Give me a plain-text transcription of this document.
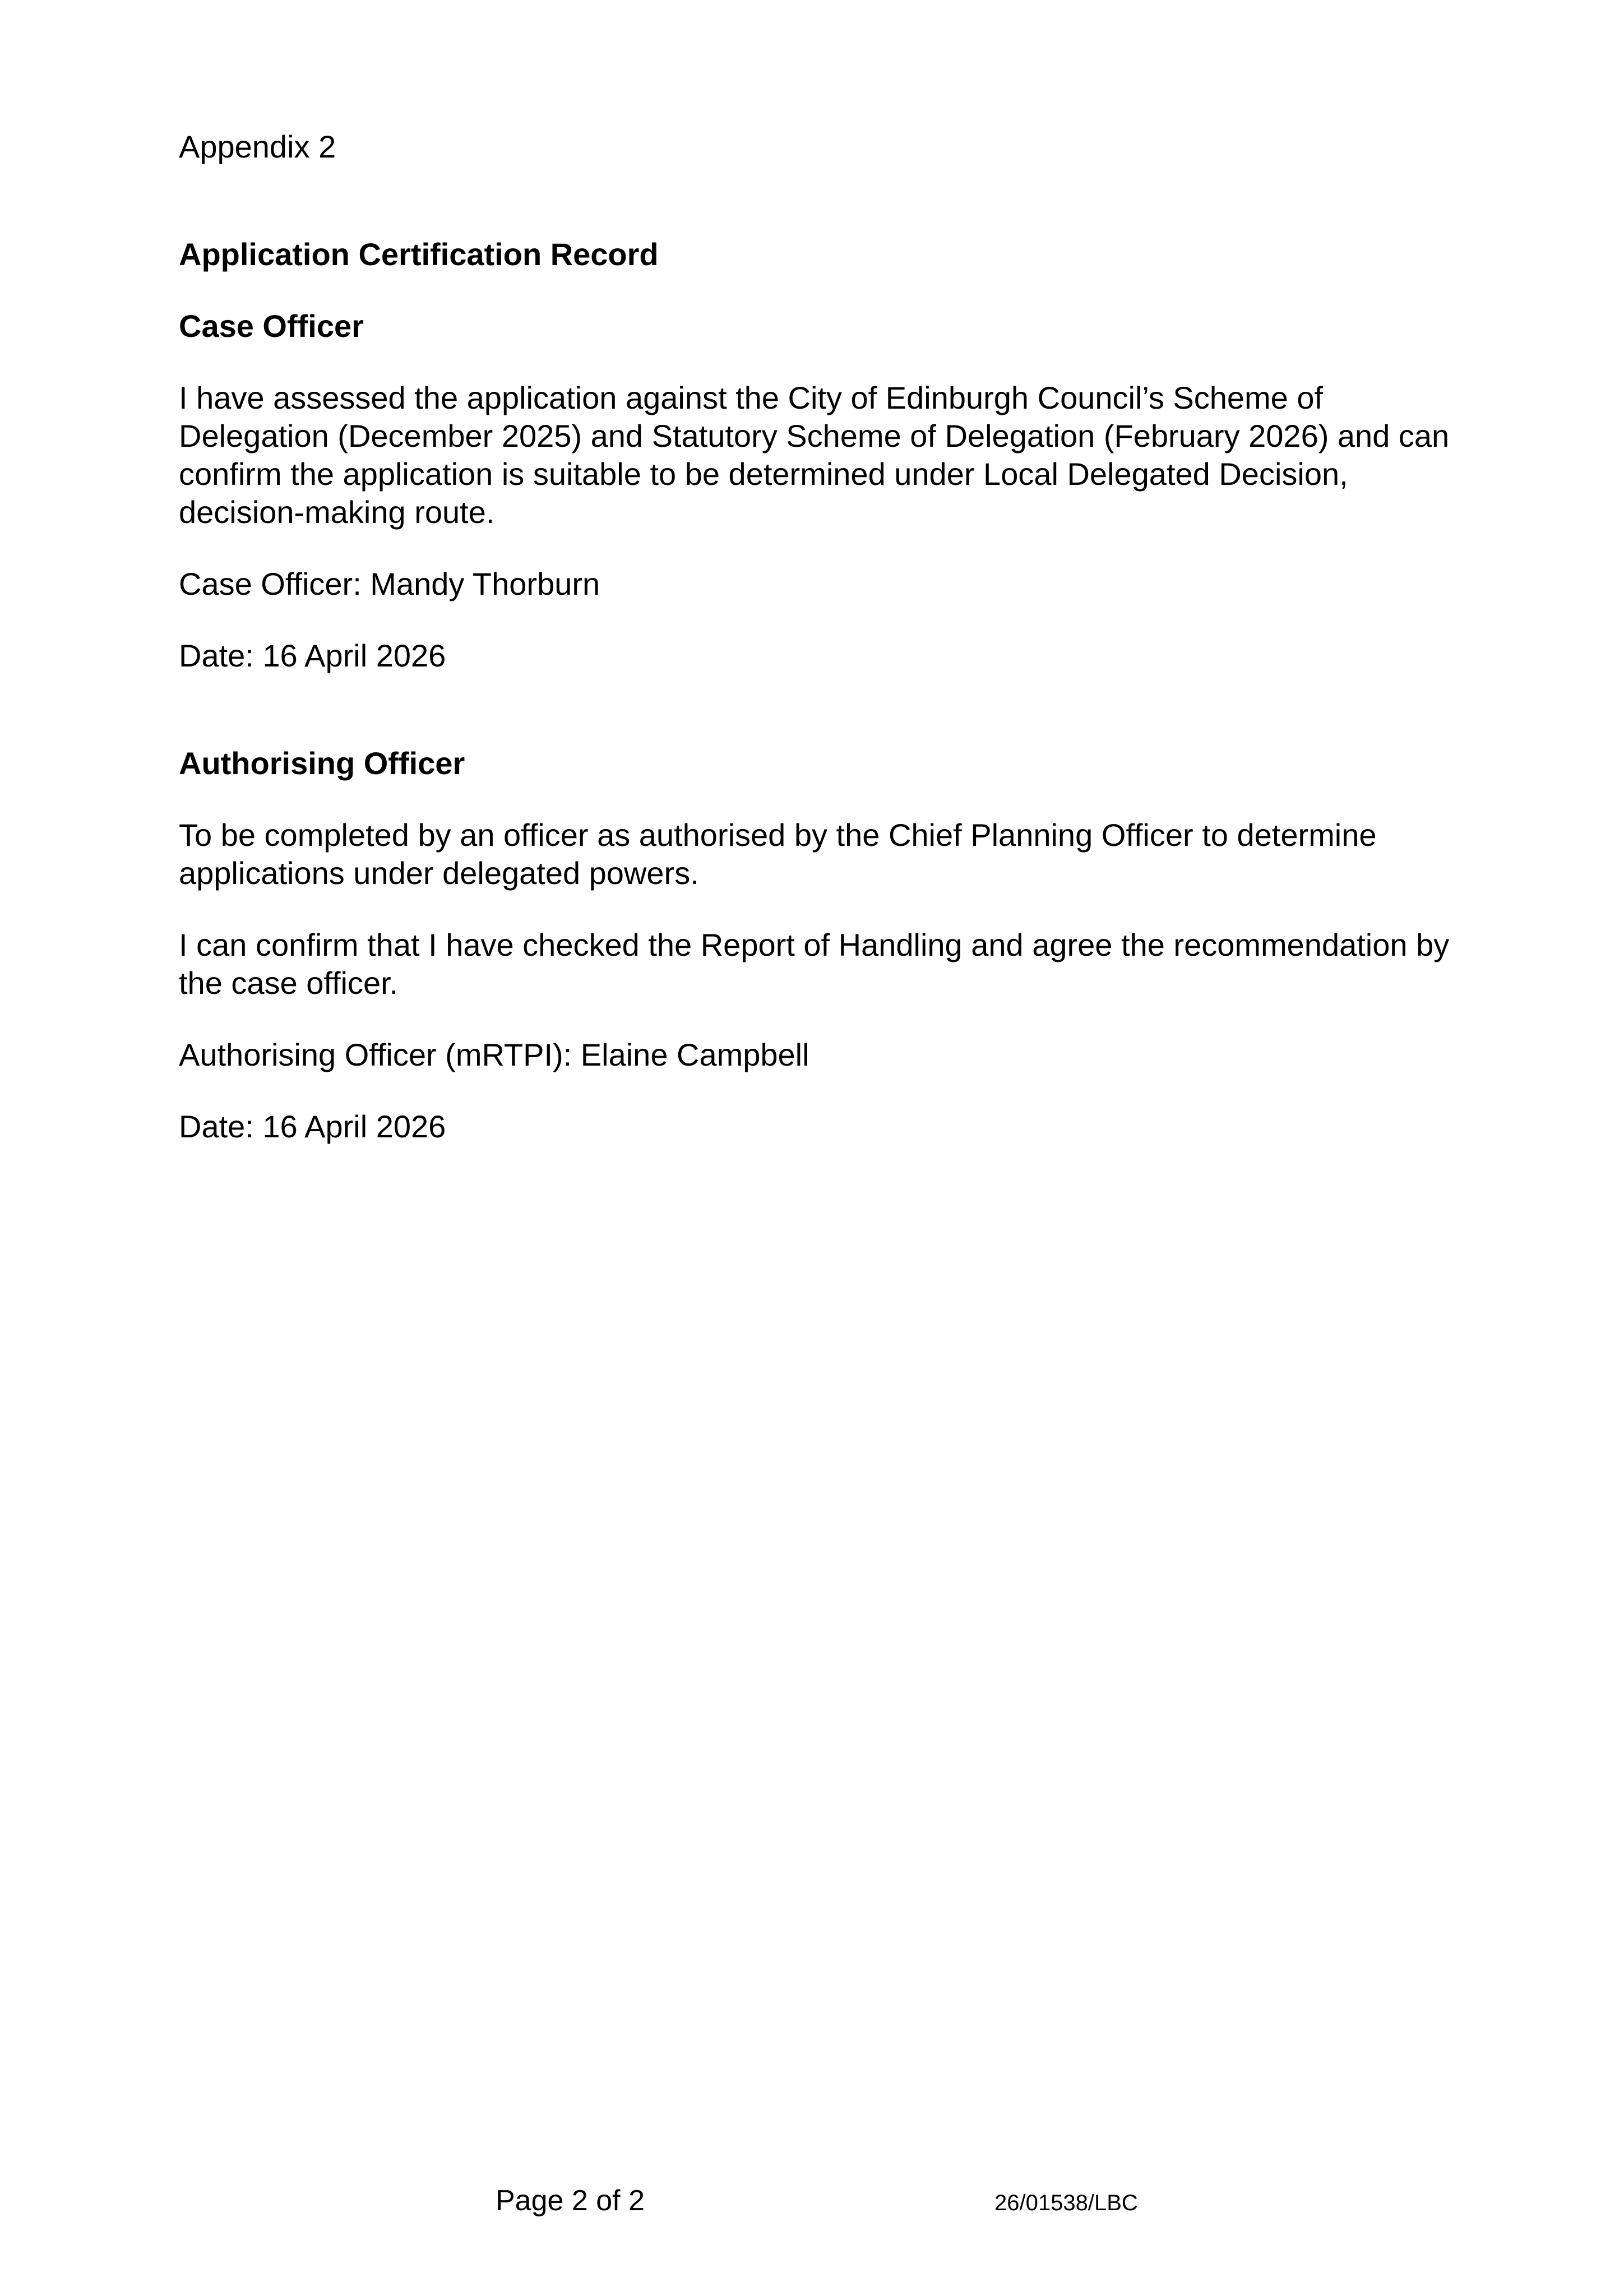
Appendix 2

Application Certification Record

Case Officer

I have assessed the application against the City of Edinburgh Council’s Scheme of Delegation (December 2025) and Statutory Scheme of Delegation (February 2026) and can confirm the application is suitable to be determined under Local Delegated Decision, decision-making route.

Case Officer: Mandy Thorburn

Date: 16 April 2026

Authorising Officer

To be completed by an officer as authorised by the Chief Planning Officer to determine applications under delegated powers.

I can confirm that I have checked the Report of Handling and agree the recommendation by the case officer.

Authorising Officer (mRTPI): Elaine Campbell

Date: 16 April 2026

Page 2 of 2	26/01538/LBC
